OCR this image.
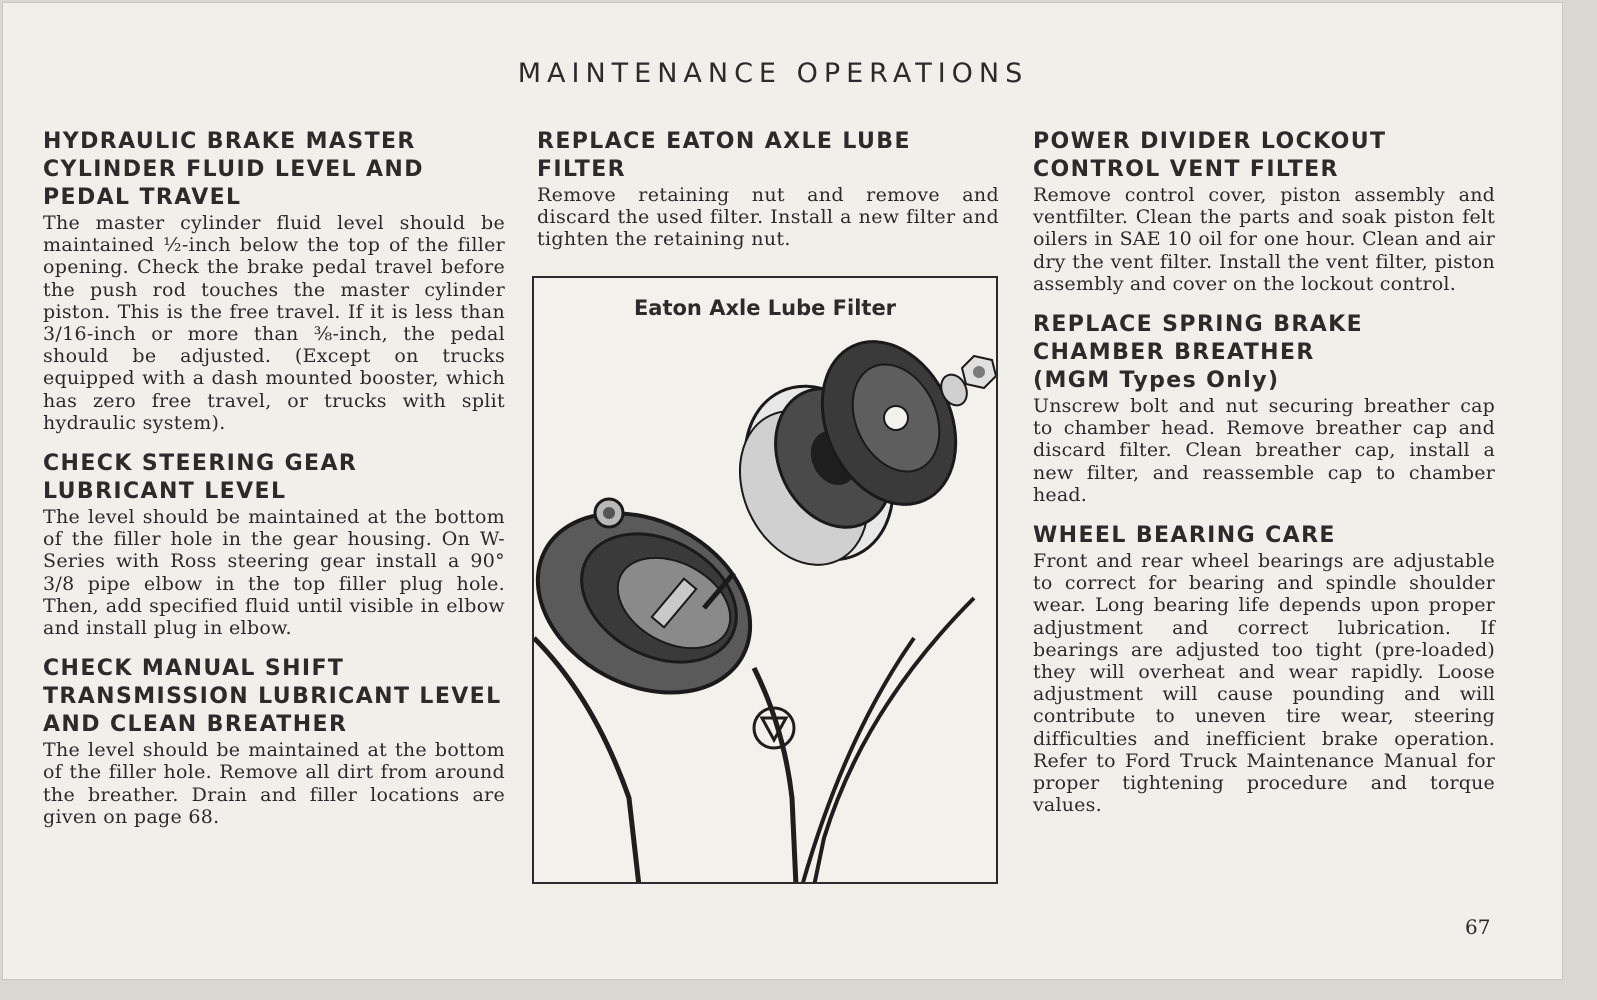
MAINTENANCE OPERATIONS
HYDRAULIC BRAKE MASTER
CYLINDER FLUID LEVEL AND
PEDAL TRAVEL

The master cylinder fluid level should be maintained ½-inch below the top of the filler opening. Check the brake pedal travel before the push rod touches the master cylinder piston. This is the free travel. If it is less than 3/16-inch or more than ⅜-inch, the pedal should be adjusted. (Except on trucks equipped with a dash mounted booster, which has zero free travel, or trucks with split hydraulic system).

CHECK STEERING GEAR
LUBRICANT LEVEL

The level should be maintained at the bottom of the filler hole in the gear housing. On W-Series with Ross steering gear install a 90° 3/8 pipe elbow in the top filler plug hole. Then, add specified fluid until visible in elbow and install plug in elbow.

CHECK MANUAL SHIFT
TRANSMISSION LUBRICANT LEVEL
AND CLEAN BREATHER

The level should be maintained at the bottom of the filler hole. Remove all dirt from around the breather. Drain and filler locations are given on page 68.

REPLACE EATON AXLE LUBE FILTER

Remove retaining nut and remove and discard the used filter. Install a new filter and tighten the retaining nut.

Eaton Axle Lube Filter
POWER DIVIDER LOCKOUT
CONTROL VENT FILTER

Remove control cover, piston assembly and ventfilter. Clean the parts and soak piston felt oilers in SAE 10 oil for one hour. Clean and air dry the vent filter. Install the vent filter, piston assembly and cover on the lockout control.

REPLACE SPRING BRAKE
CHAMBER BREATHER
(MGM Types Only)

Unscrew bolt and nut securing breather cap to chamber head. Remove breather cap and discard filter. Clean breather cap, install a new filter, and reassemble cap to chamber head.

WHEEL BEARING CARE

Front and rear wheel bearings are adjustable to correct for bearing and spindle shoulder wear. Long bearing life depends upon proper adjustment and correct lubrication. If bearings are adjusted too tight (pre-loaded) they will overheat and wear rapidly. Loose adjustment will cause pounding and will contribute to uneven tire wear, steering difficulties and inefficient brake operation. Refer to Ford Truck Maintenance Manual for proper tightening procedure and torque values.

67
